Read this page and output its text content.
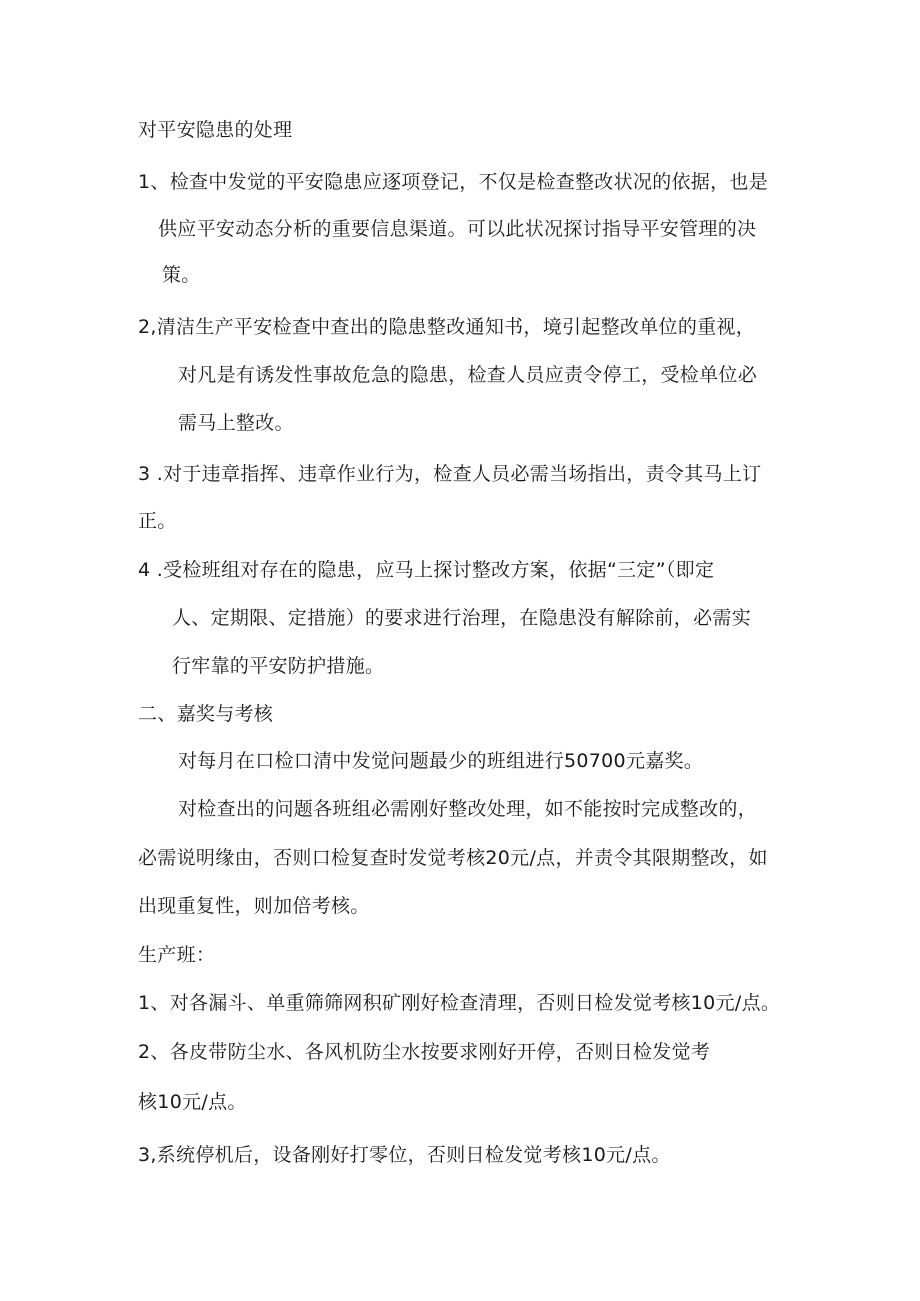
对平安隐患的处理
1、检查中发觉的平安隐患应逐项登记，不仅是检查整改状况的依据，也是
供应平安动态分析的重要信息渠道。可以此状况探讨指导平安管理的决
策。
2,清洁生产平安检查中查出的隐患整改通知书，境引起整改单位的重视，
对凡是有诱发性事故危急的隐患，检查人员应责令停工，受检单位必
需马上整改。
3 .对于违章指挥、违章作业行为，检查人员必需当场指出，责令其马上订
正。
4 .受检班组对存在的隐患，应马上探讨整改方案，依据“三定”（即定
人、定期限、定措施）的要求进行治理，在隐患没有解除前，必需实
行牢靠的平安防护措施。
二、嘉奖与考核
对每月在口检口清中发觉问题最少的班组进行50700元嘉奖。
对检查出的问题各班组必需刚好整改处理，如不能按时完成整改的，
必需说明缘由，否则口检复查时发觉考核20元/点，并责令其限期整改，如
出现重复性，则加倍考核。
生产班：
1、对各漏斗、单重筛筛网积矿刚好检查清理，否则日检发觉考核10元/点。
2、各皮带防尘水、各风机防尘水按要求刚好开停，否则日检发觉考
核10元/点。
3,系统停机后，设备刚好打零位，否则日检发觉考核10元/点。
